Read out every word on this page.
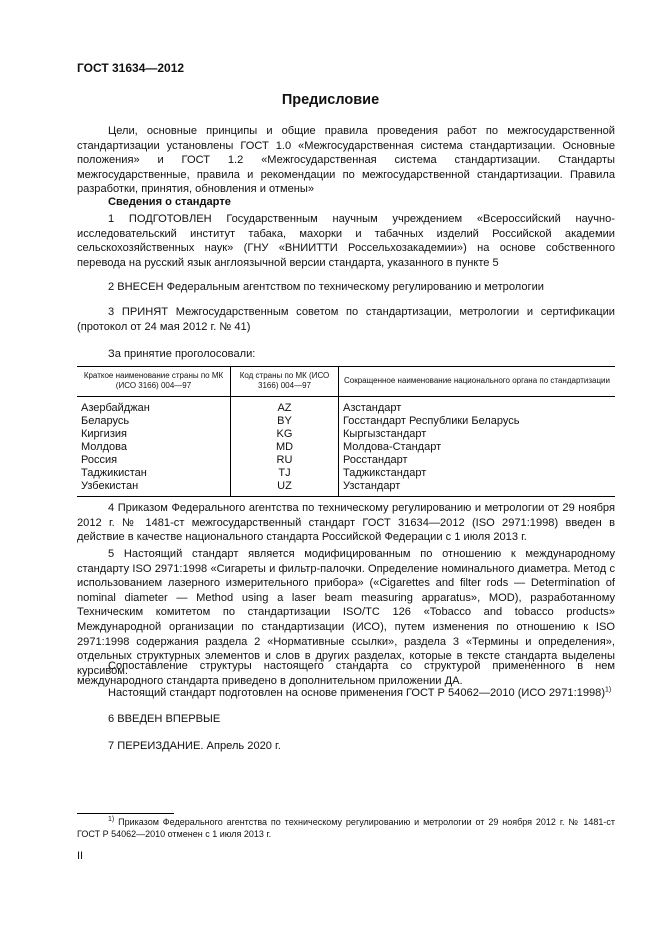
ГОСТ 31634—2012
Предисловие

Цели, основные принципы и общие правила проведения работ по межгосударственной стандартизации установлены ГОСТ 1.0 «Межгосударственная система стандартизации. Основные положения» и ГОСТ 1.2 «Межгосударственная система стандартизации. Стандарты межгосударственные, правила и рекомендации по межгосударственной стандартизации. Правила разработки, принятия, обновления и отмены»

Сведения о стандарте

1 ПОДГОТОВЛЕН Государственным научным учреждением «Всероссийский научно-исследовательский институт табака, махорки и табачных изделий Российской академии сельскохозяйственных наук» (ГНУ «ВНИИТТИ Россельхозакадемии») на основе собственного перевода на русский язык англоязычной версии стандарта, указанного в пункте 5

2 ВНЕСЕН Федеральным агентством по техническому регулированию и метрологии

3 ПРИНЯТ Межгосударственным советом по стандартизации, метрологии и сертификации (протокол от 24 мая 2012 г. № 41)

За принятие проголосовали:

Краткое наименование страны по МК (ИСО 3166) 004—97	Код страны по МК (ИСО 3166) 004—97	Сокращенное наименование национального органа по стандартизации
Азербайджан	AZ	Азстандарт
Беларусь	BY	Госстандарт Республики Беларусь
Киргизия	KG	Кыргызстандарт
Молдова	MD	Молдова-Стандарт
Россия	RU	Росстандарт
Таджикистан	TJ	Таджикстандарт
Узбекистан	UZ	Узстандарт

4 Приказом Федерального агентства по техническому регулированию и метрологии от 29 ноября 2012 г. № 1481-ст межгосударственный стандарт ГОСТ 31634—2012 (ISO 2971:1998) введен в действие в качестве национального стандарта Российской Федерации с 1 июля 2013 г.

5 Настоящий стандарт является модифицированным по отношению к международному стандарту ISO 2971:1998 «Сигареты и фильтр-палочки. Определение номинального диаметра. Метод с использованием лазерного измерительного прибора» («Cigarettes and filter rods — Determination of nominal diameter — Method using a laser beam measuring apparatus», MOD), разработанному Техническим комитетом по стандартизации ISO/TC 126 «Tobacco and tobacco products» Международной организации по стандартизации (ИСО), путем изменения по отношению к ISO 2971:1998 содержания раздела 2 «Нормативные ссылки», раздела 3 «Термины и определения», отдельных структурных элементов и слов в других разделах, которые в тексте стандарта выделены курсивом.

Сопоставление структуры настоящего стандарта со структурой примененного в нем международного стандарта приведено в дополнительном приложении ДА.

Настоящий стандарт подготовлен на основе применения ГОСТ Р 54062—2010 (ИСО 2971:1998)$^{1)}$

6 ВВЕДЕН ВПЕРВЫЕ

7 ПЕРЕИЗДАНИЕ. Апрель 2020 г.

$^{1)}$ Приказом Федерального агентства по техническому регулированию и метрологии от 29 ноября 2012 г. № 1481-ст ГОСТ Р 54062—2010 отменен с 1 июля 2013 г.

II
